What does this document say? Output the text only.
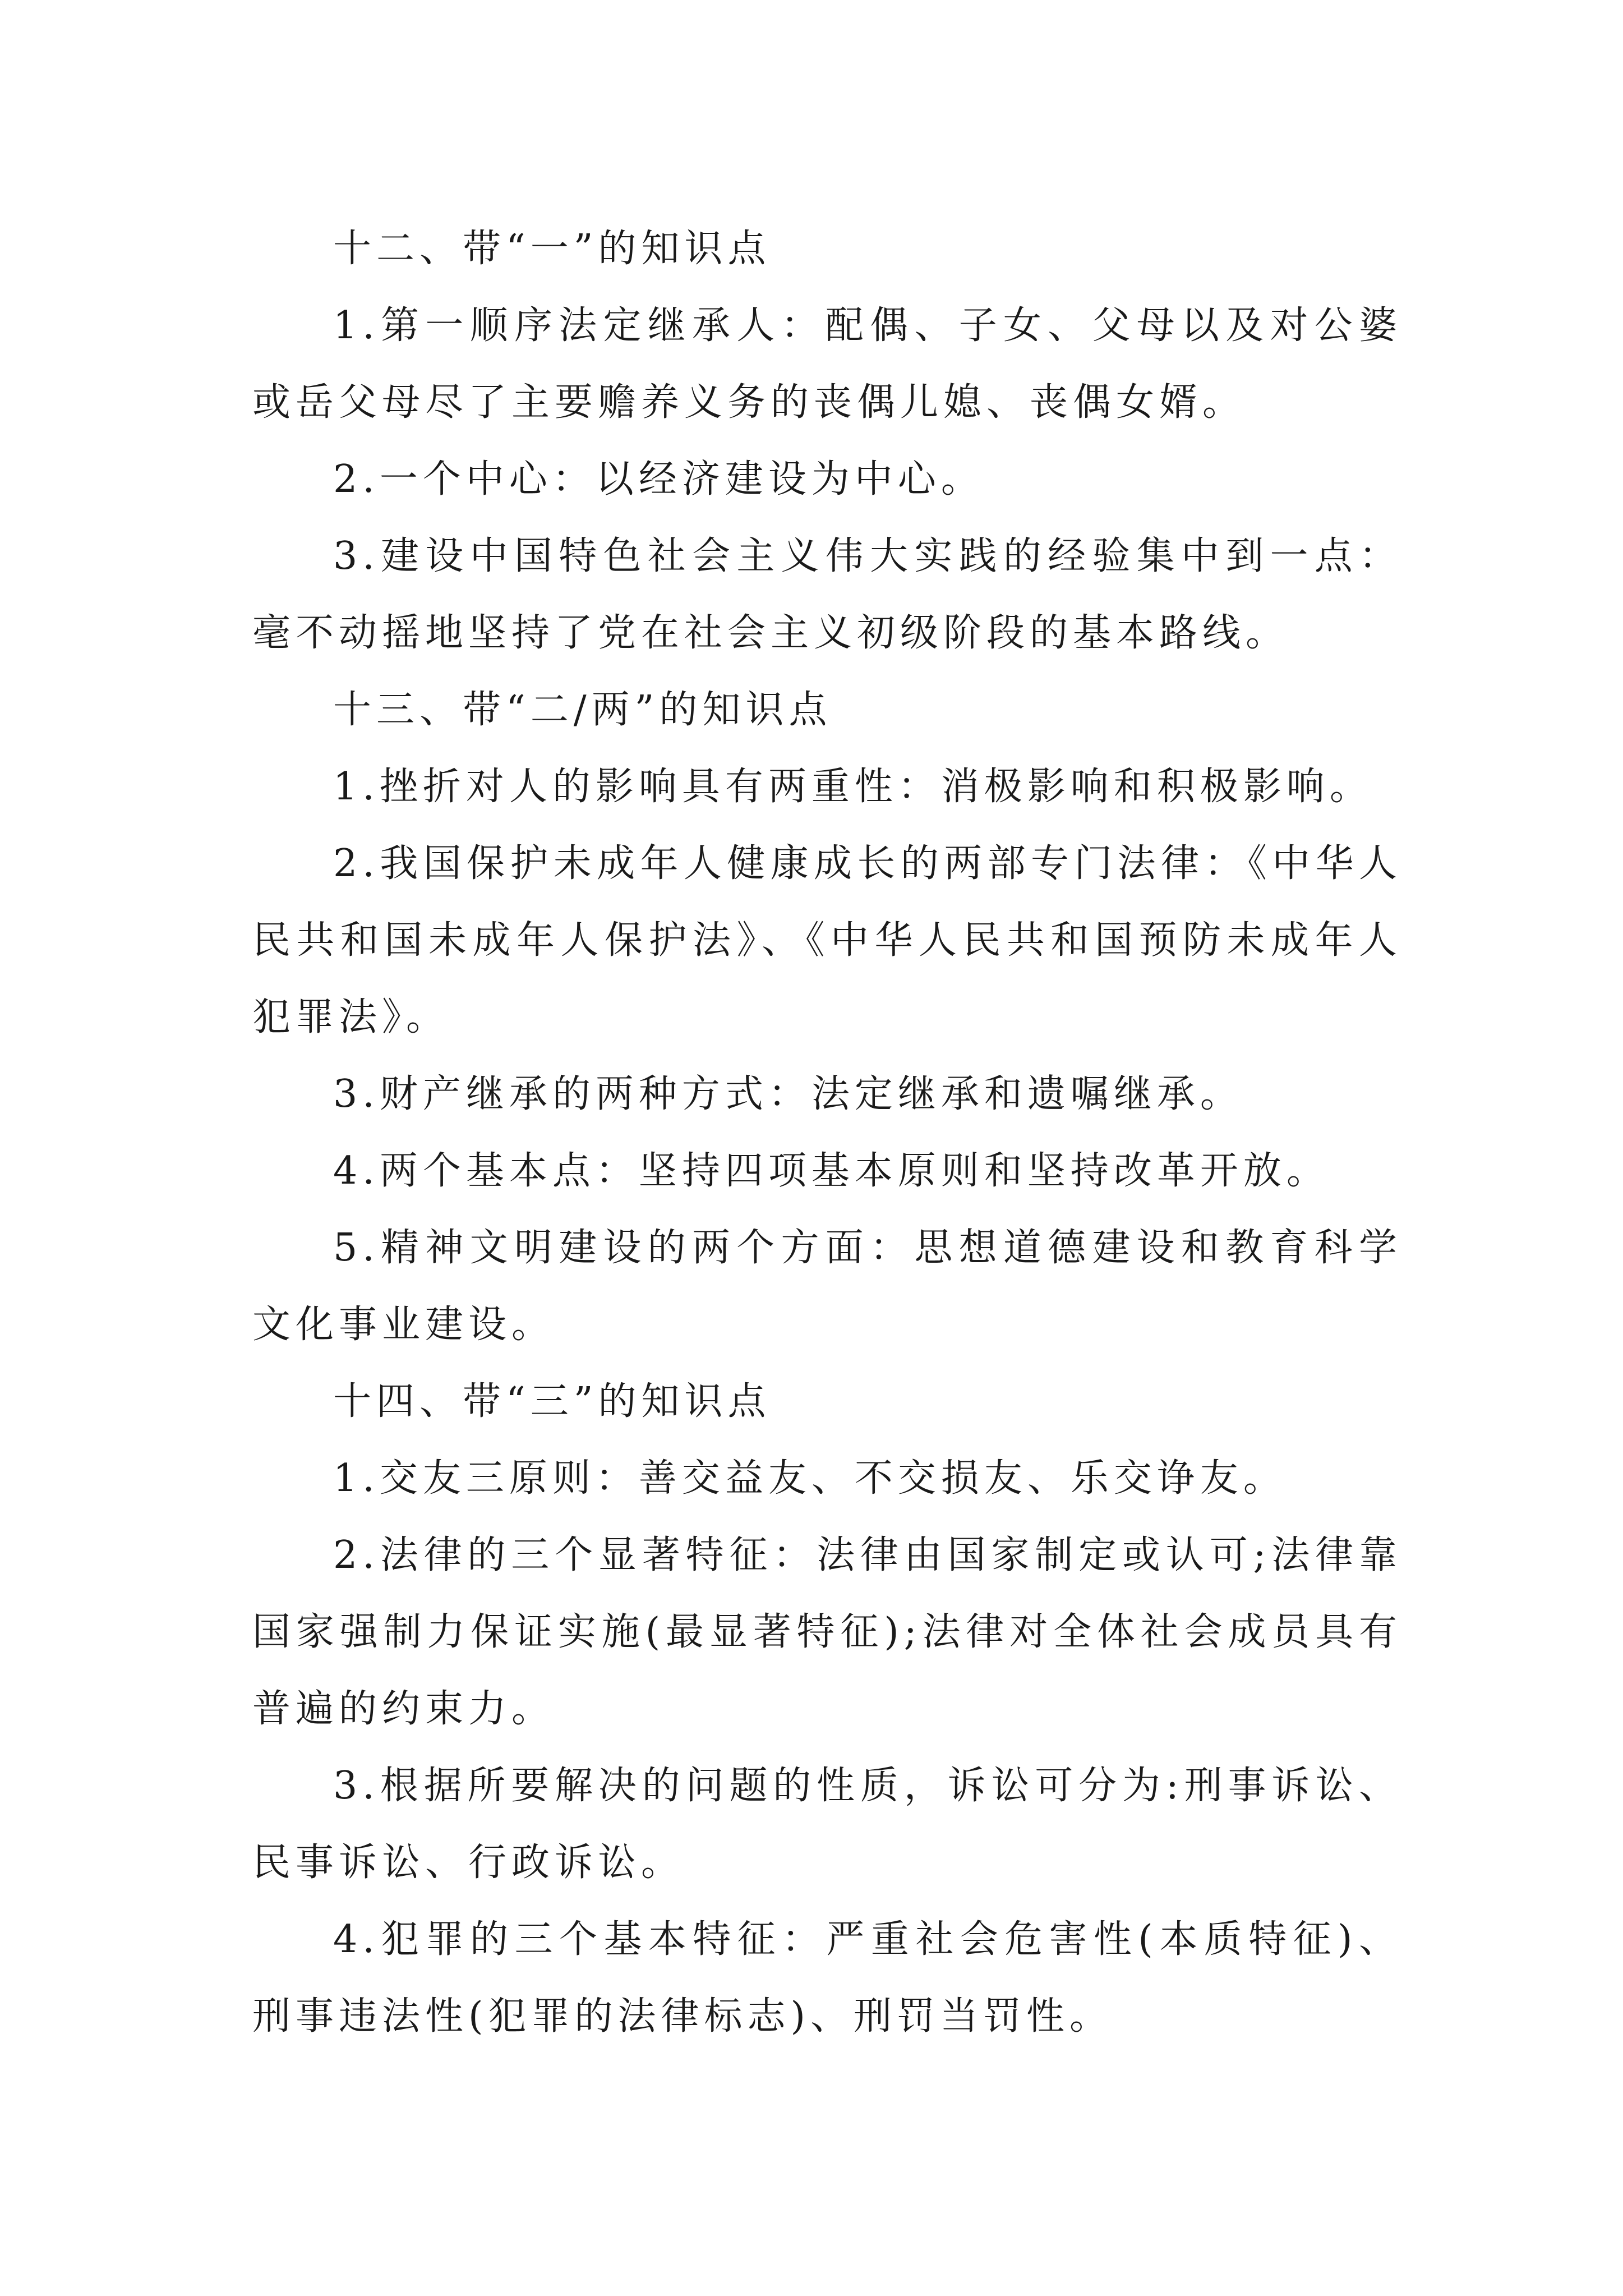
十二、带“一”的知识点

1.第一顺序法定继承人：配偶、子女、父母以及对公婆或岳父母尽了主要赡养义务的丧偶儿媳、丧偶女婿。

2.一个中心：以经济建设为中心。

3.建设中国特色社会主义伟大实践的经验集中到一点：毫不动摇地坚持了党在社会主义初级阶段的基本路线。

十三、带“二/两”的知识点

1.挫折对人的影响具有两重性：消极影响和积极影响。

2.我国保护未成年人健康成长的两部专门法律：《中华人民共和国未成年人保护法》、《中华人民共和国预防未成年人犯罪法》。

3.财产继承的两种方式：法定继承和遗嘱继承。

4.两个基本点：坚持四项基本原则和坚持改革开放。

5.精神文明建设的两个方面：思想道德建设和教育科学文化事业建设。

十四、带“三”的知识点

1.交友三原则：善交益友、不交损友、乐交诤友。

2.法律的三个显著特征：法律由国家制定或认可;法律靠国家强制力保证实施(最显著特征);法律对全体社会成员具有普遍的约束力。

3.根据所要解决的问题的性质，诉讼可分为:刑事诉讼、民事诉讼、行政诉讼。

4.犯罪的三个基本特征：严重社会危害性(本质特征)、刑事违法性(犯罪的法律标志)、刑罚当罚性。
